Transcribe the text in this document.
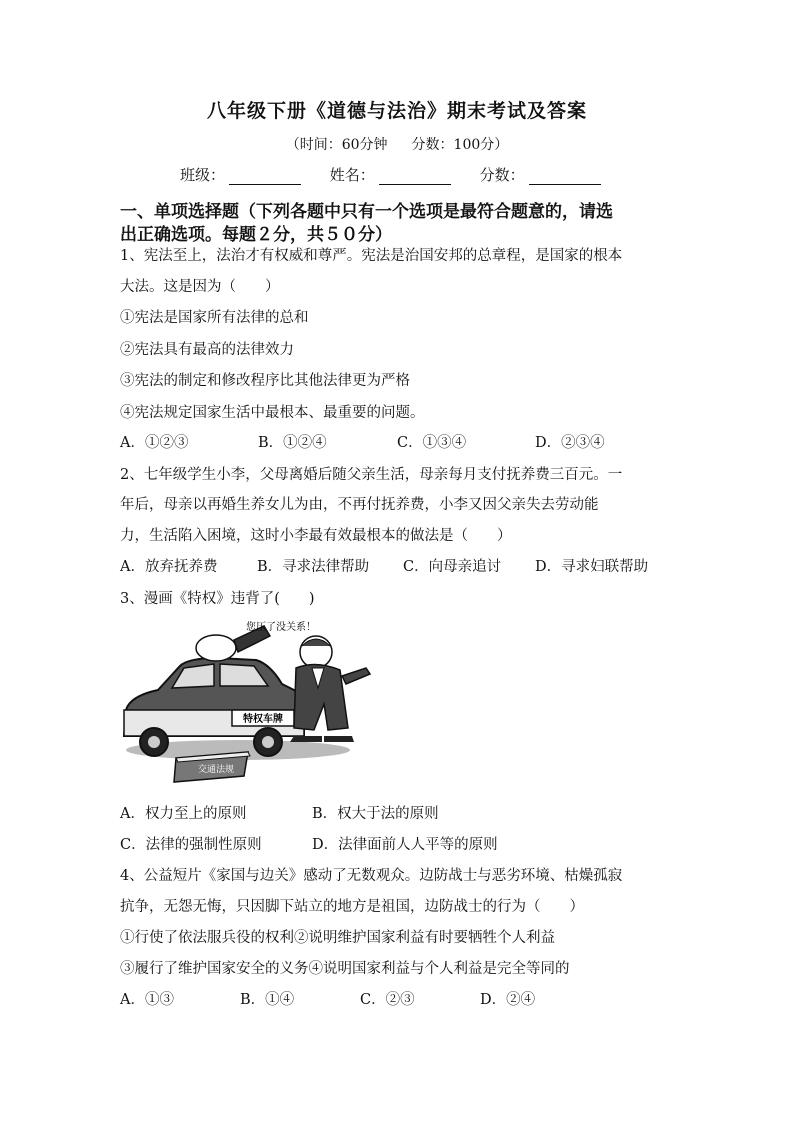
八年级下册《道德与法治》期末考试及答案
（时间：60分钟 分数：100分）
班级：	姓名：	分数：
一、单项选择题（下列各题中只有一个选项是最符合题意的，请选
出正确选项。每题２分，共５０分）
1、宪法至上，法治才有权威和尊严。宪法是治国安邦的总章程，是国家的根本
大法。这是因为（　　）
①宪法是国家所有法律的总和
②宪法具有最高的法律效力
③宪法的制定和修改程序比其他法律更为严格
④宪法规定国家生活中最根本、最重要的问题。
A．①②③	B．①②④	C．①③④	D．②③④
2、七年级学生小李，父母离婚后随父亲生活，母亲每月支付抚养费三百元。一
年后，母亲以再婚生养女儿为由，不再付抚养费，小李又因父亲失去劳动能
力，生活陷入困境，这时小李最有效最根本的做法是（　　）
A．放弃抚养费	B．寻求法律帮助 C．向母亲追讨 D．寻求妇联帮助
3、漫画《特权》违背了(　　)
特权车牌
交通法规
您压了没关系！
A．权力至上的原则	B．权大于法的原则
C．法律的强制性原则	D．法律面前人人平等的原则
4、公益短片《家国与边关》感动了无数观众。边防战士与恶劣环境、枯燥孤寂
抗争，无怨无悔，只因脚下站立的地方是祖国，边防战士的行为（　　）
①行使了依法服兵役的权利②说明维护国家利益有时要牺牲个人利益
③履行了维护国家安全的义务④说明国家利益与个人利益是完全等同的
A．①③	B．①④	C．②③	D．②④
